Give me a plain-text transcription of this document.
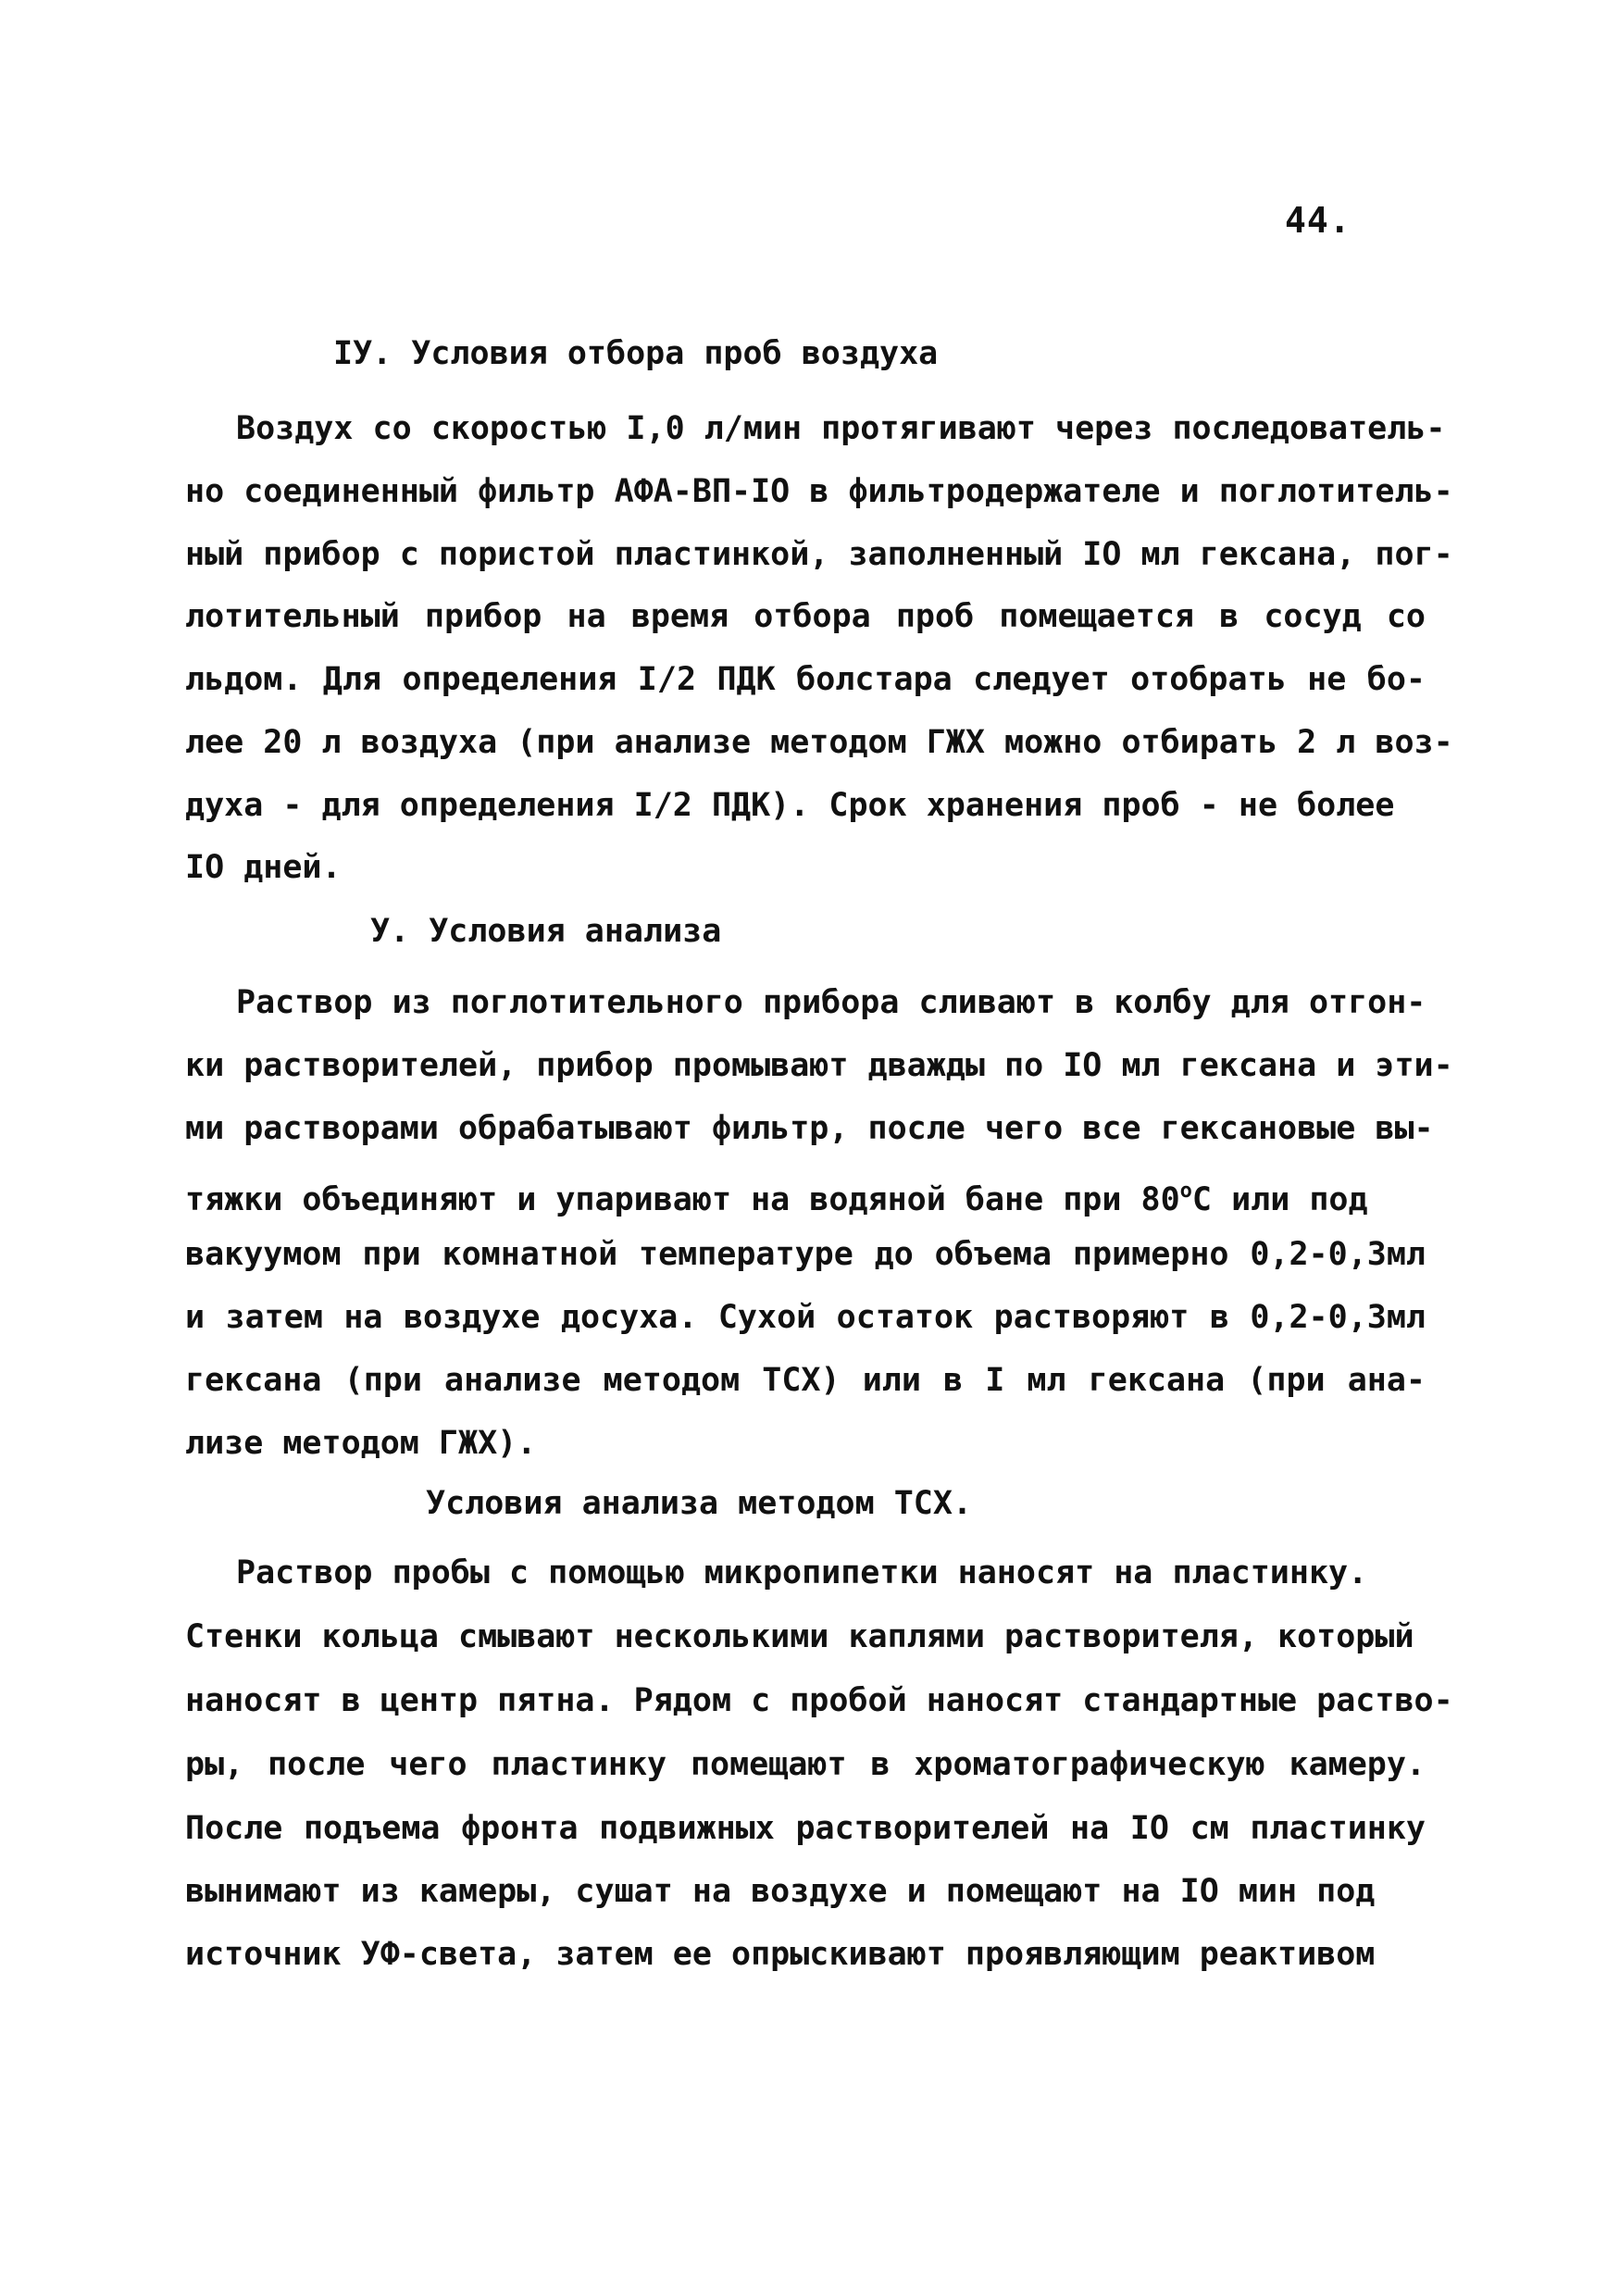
44.
IУ. Условия отбора проб воздуха
Воздух со скоростью I,0 л/мин протягивают через последователь-
но соединенный фильтр АФА-ВП-IO в фильтродержателе и поглотитель-
ный прибор с пористой пластинкой, заполненный IO мл гексана, пог-
лотительный прибор на время отбора проб помещается в сосуд со
льдом. Для определения I/2 ПДК болстара следует отобрать не бо-
лее 20 л воздуха (при анализе методом ГЖХ можно отбирать 2 л воз-
духа - для определения I/2 ПДК). Срок хранения проб - не более
IO дней.
У. Условия анализа
Раствор из поглотительного прибора сливают в колбу для отгон-
ки растворителей, прибор промывают дважды по IO мл гексана и эти-
ми растворами обрабатывают фильтр, после чего все гексановые вы-
тяжки объединяют и упаривают на водяной бане при $80^оС$ или под
вакуумом при комнатной температуре до объема примерно 0,2-0,3мл
и затем на воздухе досуха. Сухой остаток растворяют в 0,2-0,3мл
гексана (при анализе методом ТСХ) или в I мл гексана (при ана-
лизе методом ГЖХ).
Условия анализа методом ТСХ.
Раствор пробы с помощью микропипетки наносят на пластинку.
Стенки кольца смывают несколькими каплями растворителя, который
наносят в центр пятна. Рядом с пробой наносят стандартные раство-
ры, после чего пластинку помещают в хроматографическую камеру.
После подъема фронта подвижных растворителей на IO см пластинку
вынимают из камеры, сушат на воздухе и помещают на IO мин под
источник УФ-света, затем ее опрыскивают проявляющим реактивом
